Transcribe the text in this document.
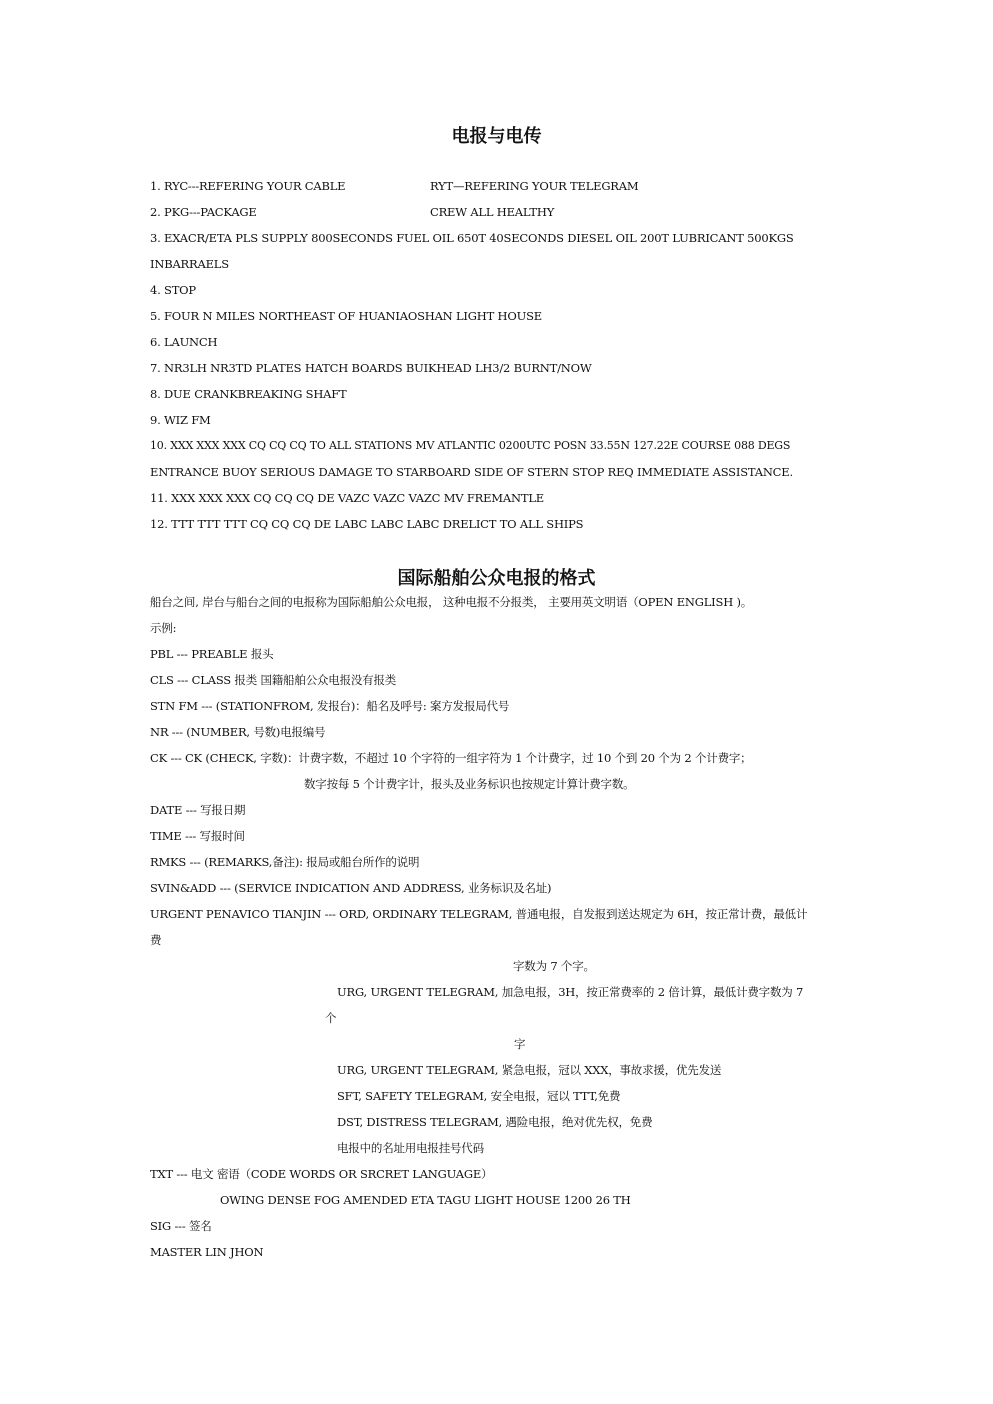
电报与电传
1. RYC---REFERING YOUR CABLE	RYT—REFERING YOUR TELEGRAM
2. PKG---PACKAGE	CREW ALL HEALTHY
3. EXACR/ETA PLS SUPPLY 800SECONDS FUEL OIL 650T 40SECONDS DIESEL OIL 200T LUBRICANT 500KGS
INBARRAELS
4. STOP
5. FOUR N MILES NORTHEAST OF HUANIAOSHAN LIGHT HOUSE
6. LAUNCH
7. NR3LH NR3TD PLATES HATCH BOARDS BUIKHEAD LH3/2 BURNT/NOW
8. DUE CRANKBREAKING SHAFT
9. WIZ FM
10. XXX XXX XXX CQ CQ CQ TO ALL STATIONS MV ATLANTIC 0200UTC POSN 33.55N 127.22E COURSE 088 DEGS
ENTRANCE BUOY SERIOUS DAMAGE TO STARBOARD SIDE OF STERN STOP REQ IMMEDIATE ASSISTANCE.
11. XXX XXX XXX CQ CQ CQ DE VAZC VAZC VAZC MV FREMANTLE
12. TTT TTT TTT CQ CQ CQ DE LABC LABC LABC DRELICT TO ALL SHIPS
国际船舶公众电报的格式
船台之间, 岸台与船台之间的电报称为国际船舶公众电报， 这种电报不分报类， 主要用英文明语（OPEN ENGLISH )。
示例:
PBL --- PREABLE 报头
CLS --- CLASS 报类 国籍船舶公众电报没有报类
STN FM --- (STATIONFROM, 发报台)：船名及呼号: 案方发报局代号
NR --- (NUMBER, 号数)电报编号
CK --- CK (CHECK, 字数)：计费字数，不超过 10 个字符的一组字符为 1 个计费字，过 10 个到 20 个为 2 个计费字；
数字按每 5 个计费字计，报头及业务标识也按规定计算计费字数。
DATE --- 写报日期
TIME --- 写报时间
RMKS --- (REMARKS,备注): 报局或船台所作的说明
SVIN&ADD --- (SERVICE INDICATION AND ADDRESS, 业务标识及名址)
URGENT PENAVICO TIANJIN --- ORD, ORDINARY TELEGRAM, 普通电报，自发报到送达规定为 6H，按正常计费，最低计
费
字数为 7 个字。
URG, URGENT TELEGRAM, 加急电报，3H，按正常费率的 2 倍计算，最低计费字数为 7
个
字
URG, URGENT TELEGRAM, 紧急电报，冠以 XXX，事故求援，优先发送
SFT, SAFETY TELEGRAM, 安全电报，冠以 TTT,免费
DST, DISTRESS TELEGRAM, 遇险电报，绝对优先权，免费
电报中的名址用电报挂号代码
TXT --- 电文 密语（CODE WORDS OR SRCRET LANGUAGE）
OWING DENSE FOG AMENDED ETA TAGU LIGHT HOUSE 1200 26 TH
SIG --- 签名
MASTER LIN JHON
